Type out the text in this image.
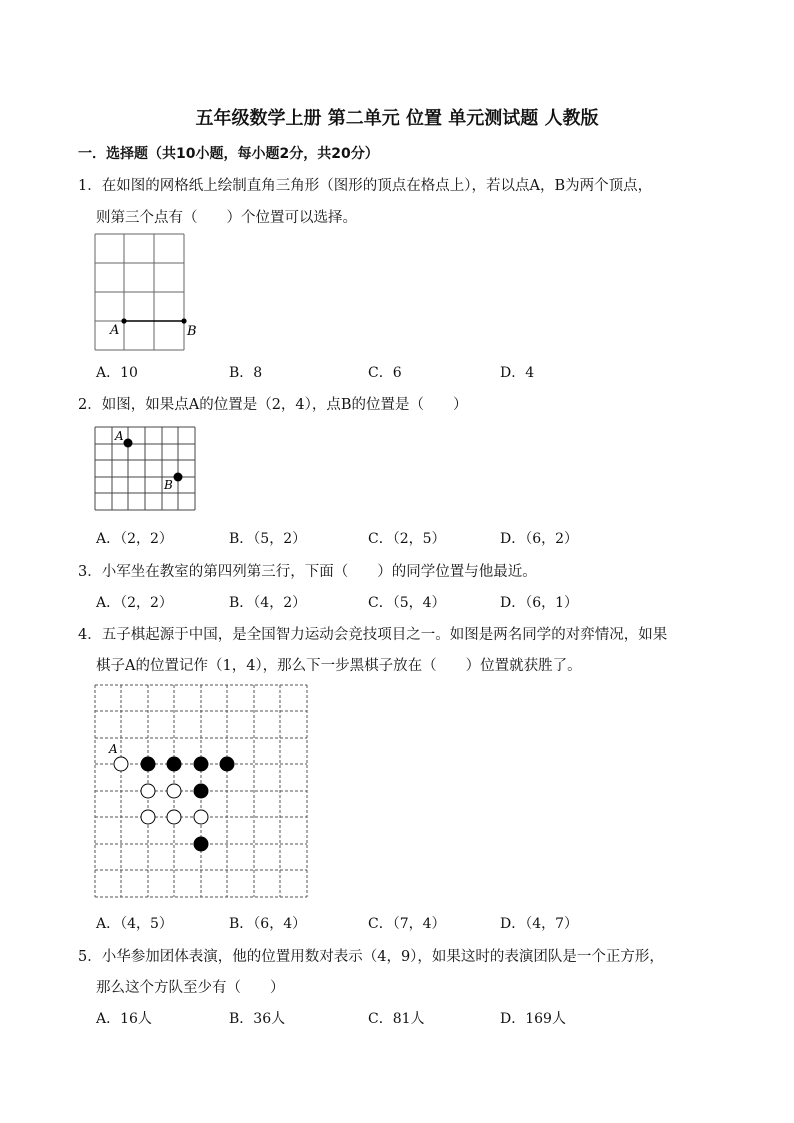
五年级数学上册 第二单元 位置 单元测试题 人教版
一．选择题（共10小题，每小题2分，共20分）
1．在如图的网格纸上绘制直角三角形（图形的顶点在格点上），若以点A，B为两个顶点，
则第三个点有（　　）个位置可以选择。
A	B
A．10	B．8	C．6	D．4
2．如图，如果点A的位置是（2，4），点B的位置是（　　）
A
B
A．（2，2）	B．（5，2）	C．（2，5）	D．（6，2）
3．小军坐在教室的第四列第三行，下面（　　）的同学位置与他最近。
A．（2，2）	B．（4，2）	C．（5，4）	D．（6，1）
4．五子棋起源于中国，是全国智力运动会竞技项目之一。如图是两名同学的对弈情况，如果
棋子A的位置记作（1，4），那么下一步黑棋子放在（　　）位置就获胜了。
A
A．（4，5）	B．（6，4）	C．（7，4）	D．（4，7）
5．小华参加团体表演，他的位置用数对表示（4，9），如果这时的表演团队是一个正方形，
那么这个方队至少有（　　）
A．16人	B．36人	C．81人	D．169人
